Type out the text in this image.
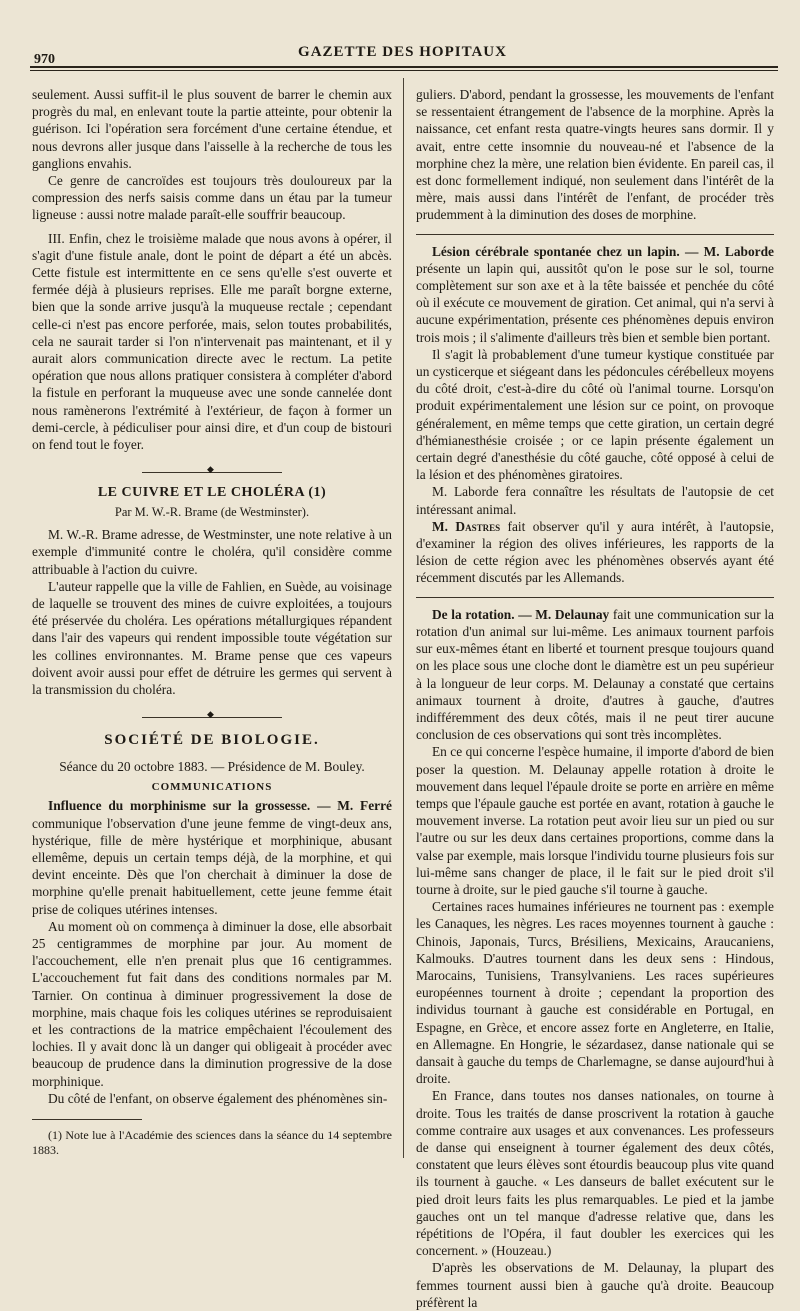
970	GAZETTE DES HOPITAUX

seulement. Aussi suffit-il le plus souvent de barrer le chemin aux progrès du mal, en enlevant toute la partie atteinte, pour obtenir la guérison. Ici l'opération sera forcément d'une certaine étendue, et nous devrons aller jusque dans l'aisselle à la recherche de tous les ganglions envahis.

Ce genre de cancroïdes est toujours très douloureux par la compression des nerfs saisis comme dans un étau par la tumeur ligneuse : aussi notre malade paraît-elle souffrir beaucoup.

III. Enfin, chez le troisième malade que nous avons à opérer, il s'agit d'une fistule anale, dont le point de départ a été un abcès. Cette fistule est intermittente en ce sens qu'elle s'est ouverte et fermée déjà à plusieurs reprises. Elle me paraît borgne externe, bien que la sonde arrive jusqu'à la muqueuse rectale ; cependant celle-ci n'est pas encore perforée, mais, selon toutes probabilités, cela ne saurait tarder si l'on n'intervenait pas maintenant, et il y aurait alors communication directe avec le rectum. La petite opération que nous allons pratiquer consistera à compléter d'abord la fistule en perforant la muqueuse avec une sonde cannelée dont nous ramènerons l'extrémité à l'extérieur, de façon à former un demi-cercle, à pédiculiser pour ainsi dire, et d'un coup de bistouri on fend tout le foyer.

◆
LE CUIVRE ET LE CHOLÉRA (1)
Par M. W.-R. Brame (de Westminster).

M. W.-R. Brame adresse, de Westminster, une note relative à un exemple d'immunité contre le choléra, qu'il considère comme attribuable à l'action du cuivre.

L'auteur rappelle que la ville de Fahlien, en Suède, au voisinage de laquelle se trouvent des mines de cuivre exploitées, a toujours été préservée du choléra. Les opérations métallurgiques répandent dans l'air des vapeurs qui rendent impossible toute végétation sur les collines environnantes. M. Brame pense que ces vapeurs doivent avoir aussi pour effet de détruire les germes qui servent à la transmission du choléra.

◆
SOCIÉTÉ DE BIOLOGIE.
Séance du 20 octobre 1883. — Présidence de M. Bouley.
COMMUNICATIONS

Influence du morphinisme sur la grossesse. — M. Ferré communique l'observation d'une jeune femme de vingt-deux ans, hystérique, fille de mère hystérique et morphinique, abusant ellemême, depuis un certain temps déjà, de la morphine, et qui devint enceinte. Dès que l'on cherchait à diminuer la dose de morphine qu'elle prenait habituellement, cette jeune femme était prise de coliques utérines intenses.

Au moment où on commença à diminuer la dose, elle absorbait 25 centigrammes de morphine par jour. Au moment de l'accouchement, elle n'en prenait plus que 16 centigrammes. L'accouchement fut fait dans des conditions normales par M. Tarnier. On continua à diminuer progressivement la dose de morphine, mais chaque fois les coliques utérines se reproduisaient et les contractions de la matrice empêchaient l'écoulement des lochies. Il y avait donc là un danger qui obligeait à procéder avec beaucoup de prudence dans la diminution progressive de la dose morphinique.

Du côté de l'enfant, on observe également des phénomènes sin-

(1) Note lue à l'Académie des sciences dans la séance du 14 septembre 1883.

guliers. D'abord, pendant la grossesse, les mouvements de l'enfant se ressentaient étrangement de l'absence de la morphine. Après la naissance, cet enfant resta quatre-vingts heures sans dormir. Il y avait, entre cette insomnie du nouveau-né et l'absence de la morphine chez la mère, une relation bien évidente. En pareil cas, il est donc formellement indiqué, non seulement dans l'intérêt de la mère, mais aussi dans l'intérêt de l'enfant, de procéder très prudemment à la diminution des doses de morphine.

Lésion cérébrale spontanée chez un lapin. — M. Laborde présente un lapin qui, aussitôt qu'on le pose sur le sol, tourne complètement sur son axe et à la tête baissée et penchée du côté où il exécute ce mouvement de giration. Cet animal, qui n'a servi à aucune expérimentation, présente ces phénomènes depuis environ trois mois ; il s'alimente d'ailleurs très bien et semble bien portant.

Il s'agit là probablement d'une tumeur kystique constituée par un cysticerque et siégeant dans les pédoncules cérébelleux moyens du côté droit, c'est-à-dire du côté où l'animal tourne. Lorsqu'on produit expérimentalement une lésion sur ce point, on provoque généralement, en même temps que cette giration, un certain degré d'hémianesthésie croisée ; or ce lapin présente également un certain degré d'anesthésie du côté gauche, côté opposé à celui de la lésion et des phénomènes giratoires.

M. Laborde fera connaître les résultats de l'autopsie de cet intéressant animal.

M. Dastres fait observer qu'il y aura intérêt, à l'autopsie, d'examiner la région des olives inférieures, les rapports de la lésion de cette région avec les phénomènes observés ayant été récemment discutés par les Allemands.

De la rotation. — M. Delaunay fait une communication sur la rotation d'un animal sur lui-même. Les animaux tournent parfois sur eux-mêmes étant en liberté et tournent presque toujours quand on les place sous une cloche dont le diamètre est un peu supérieur à la longueur de leur corps. M. Delaunay a constaté que certains animaux tournent à droite, d'autres à gauche, d'autres indifféremment des deux côtés, mais il ne peut tirer aucune conclusion de ces observations qui sont très incomplètes.

En ce qui concerne l'espèce humaine, il importe d'abord de bien poser la question. M. Delaunay appelle rotation à droite le mouvement dans lequel l'épaule droite se porte en arrière en même temps que l'épaule gauche est portée en avant, rotation à gauche le mouvement inverse. La rotation peut avoir lieu sur un pied ou sur l'autre ou sur les deux dans certaines proportions, comme dans la valse par exemple, mais lorsque l'individu tourne plusieurs fois sur lui-même sans changer de place, il le fait sur le pied droit s'il tourne à droite, sur le pied gauche s'il tourne à gauche.

Certaines races humaines inférieures ne tournent pas : exemple les Canaques, les nègres. Les races moyennes tournent à gauche : Chinois, Japonais, Turcs, Brésiliens, Mexicains, Araucaniens, Kalmouks. D'autres tournent dans les deux sens : Hindous, Marocains, Tunisiens, Transylvaniens. Les races supérieures européennes tournent à droite ; cependant la proportion des individus tournant à gauche est considérable en Portugal, en Espagne, en Grèce, et encore assez forte en Angleterre, en Italie, en Allemagne. En Hongrie, le sézardasez, danse nationale qui se dansait à gauche du temps de Charlemagne, se danse aujourd'hui à droite.

En France, dans toutes nos danses nationales, on tourne à droite. Tous les traités de danse proscrivent la rotation à gauche comme contraire aux usages et aux convenances. Les professeurs de danse qui enseignent à tourner également des deux côtés, constatent que leurs élèves sont étourdis beaucoup plus vite quand ils tournent à gauche. « Les danseurs de ballet exécutent sur le pied droit leurs faits les plus remarquables. Le pied et la jambe gauches ont un tel manque d'adresse relative que, dans les répétitions de l'Opéra, il faut doubler les exercices qui les concernent. » (Houzeau.)

D'après les observations de M. Delaunay, la plupart des femmes tournent aussi bien à gauche qu'à droite. Beaucoup préfèrent la
